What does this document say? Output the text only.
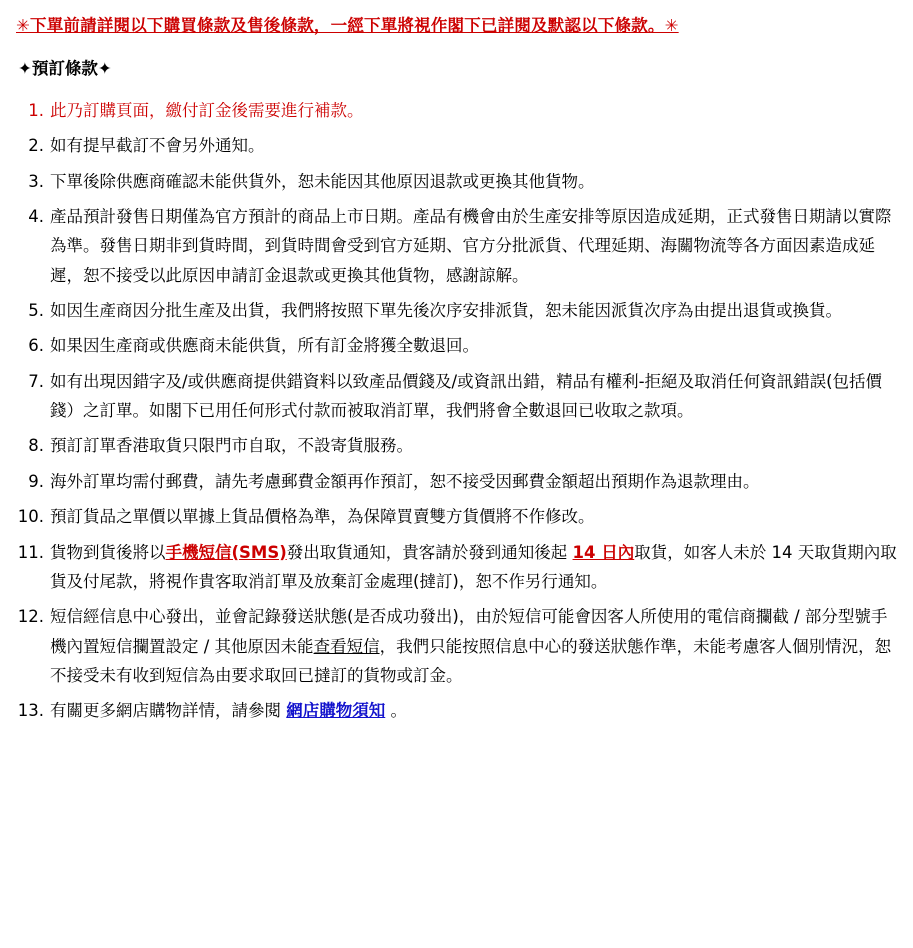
✳下單前請詳閱以下購買條款及售後條款，一經下單將視作閣下已詳閱及默認以下條款。✳
✦預訂條款✦
此乃訂購頁面，繳付訂金後需要進行補款。
如有提早截訂不會另外通知。
下單後除供應商確認未能供貨外，恕未能因其他原因退款或更換其他貨物。
產品預計發售日期僅為官方預計的商品上市日期。產品有機會由於生產安排等原因造成延期，正式發售日期請以實際為準。發售日期非到貨時間，到貨時間會受到官方延期、官方分批派貨、代理延期、海關物流等各方面因素造成延遲，恕不接受以此原因申請訂金退款或更換其他貨物，感謝諒解。
如因生產商因分批生產及出貨，我們將按照下單先後次序安排派貨，恕未能因派貨次序為由提出退貨或換貨。
如果因生產商或供應商未能供貨，所有訂金將獲全數退回。
如有出現因錯字及/或供應商提供錯資料以致產品價錢及/或資訊出錯，精品有權利-拒絕及取消任何資訊錯誤(包括價錢）之訂單。如閣下已用任何形式付款而被取消訂單，我們將會全數退回已收取之款項。
預訂訂單香港取貨只限門市自取，不設寄貨服務。
海外訂單均需付郵費，請先考慮郵費金額再作預訂，恕不接受因郵費金額超出預期作為退款理由。
預訂貨品之單價以單據上貨品價格為準，為保障買賣雙方貨價將不作修改。
貨物到貨後將以手機短信(SMS)發出取貨通知，貴客請於發到通知後起 14 日內取貨，如客人未於 14 天取貨期內取貨及付尾款，將視作貴客取消訂單及放棄訂金處理(撻訂)，恕不作另行通知。
短信經信息中心發出，並會記錄發送狀態(是否成功發出)，由於短信可能會因客人所使用的電信商攔截 / 部分型號手機內置短信攔置設定 / 其他原因未能查看短信，我們只能按照信息中心的發送狀態作準，未能考慮客人個別情況，恕不接受未有收到短信為由要求取回已撻訂的貨物或訂金。
有關更多網店購物詳情，請參閱 網店購物須知 。
